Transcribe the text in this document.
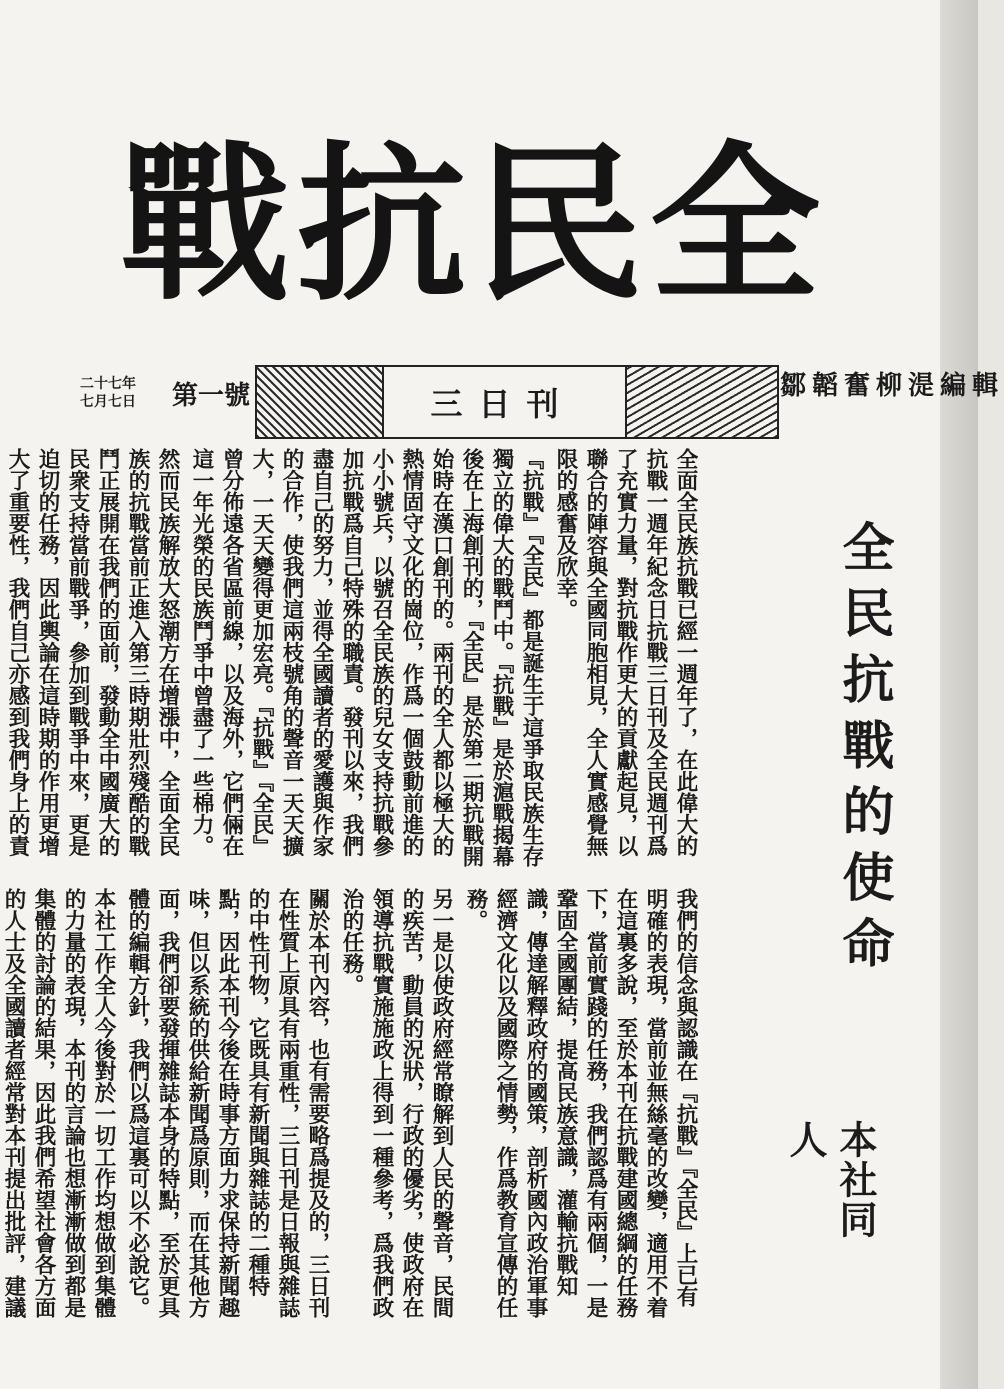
全
民
抗
戰
二十七年七月七日 第一號	三日刊	鄒韜奮柳湜編輯

全面全民族抗戰已經一週年了，在此偉大的抗戰一週年紀念日抗戰三日刊及全民週刊爲了充實力量，對抗戰作更大的貢獻起見，以聯合的陣容與全國同胞相見，全人實感覺無限的感奮及欣幸。

『抗戰』『全民』都是誕生于這爭取民族生存獨立的偉大的戰鬥中。『抗戰』是於滬戰揭幕後在上海創刊的，『全民』是於第二期抗戰開始時在漢口創刊的。兩刊的全人都以極大的熱情固守文化的崗位，作爲一個鼓動前進的小小號兵，以號召全民族的兒女支持抗戰參加抗戰爲自己特殊的職責。發刊以來，我們盡自己的努力，並得全國讀者的愛護與作家的合作，使我們這兩枝號角的聲音一天天擴大，一天天變得更加宏亮。『抗戰』『全民』曾分佈遠各省區前線，以及海外，它們倆在這一年光榮的民族鬥爭中曾盡了一些棉力。

然而民族解放大怒潮方在增漲中，全面全民族的抗戰當前正進入第三時期壯烈殘酷的戰鬥正展開在我們的面前，發動全中國廣大的民衆支持當前戰爭，參加到戰爭中來，更是迫切的任務，因此輿論在這時期的作用更增大了重要性，我們自己亦感到我們身上的責

我們的信念與認識在『抗戰』『全民』上已有明確的表現，當前並無絲毫的改變，適用不着在這裏多說，至於本刊在抗戰建國總綱的任務下，當前實踐的任務，我們認爲有兩個，一是鞏固全國團結，提高民族意識，灌輸抗戰知識，傳達解釋政府的國策，剖析國內政治軍事經濟文化以及國際之情勢，作爲教育宣傳的任務。

另一是以使政府經常瞭解到人民的聲音，民間的疾苦，動員的況狀，行政的優劣，使政府在領導抗戰實施施政上得到一種參考，爲我們政治的任務。

關於本刊內容，也有需要略爲提及的，三日刊在性質上原具有兩重性，三日刊是日報與雜誌的中性刊物，它既具有新聞與雜誌的二種特點，因此本刊今後在時事方面力求保持新聞趣味，但以系統的供給新聞爲原則，而在其他方面，我們卻要發揮雜誌本身的特點，至於更具體的編輯方針，我們以爲這裏可以不必說它。

本社工作全人今後對於一切工作均想做到集體的力量的表現，本刊的言論也想漸漸做到都是集體的討論的結果，因此我們希望社會各方面的人士及全國讀者經常對本刊提出批評，建議

全民抗戰的使命
本社同人
